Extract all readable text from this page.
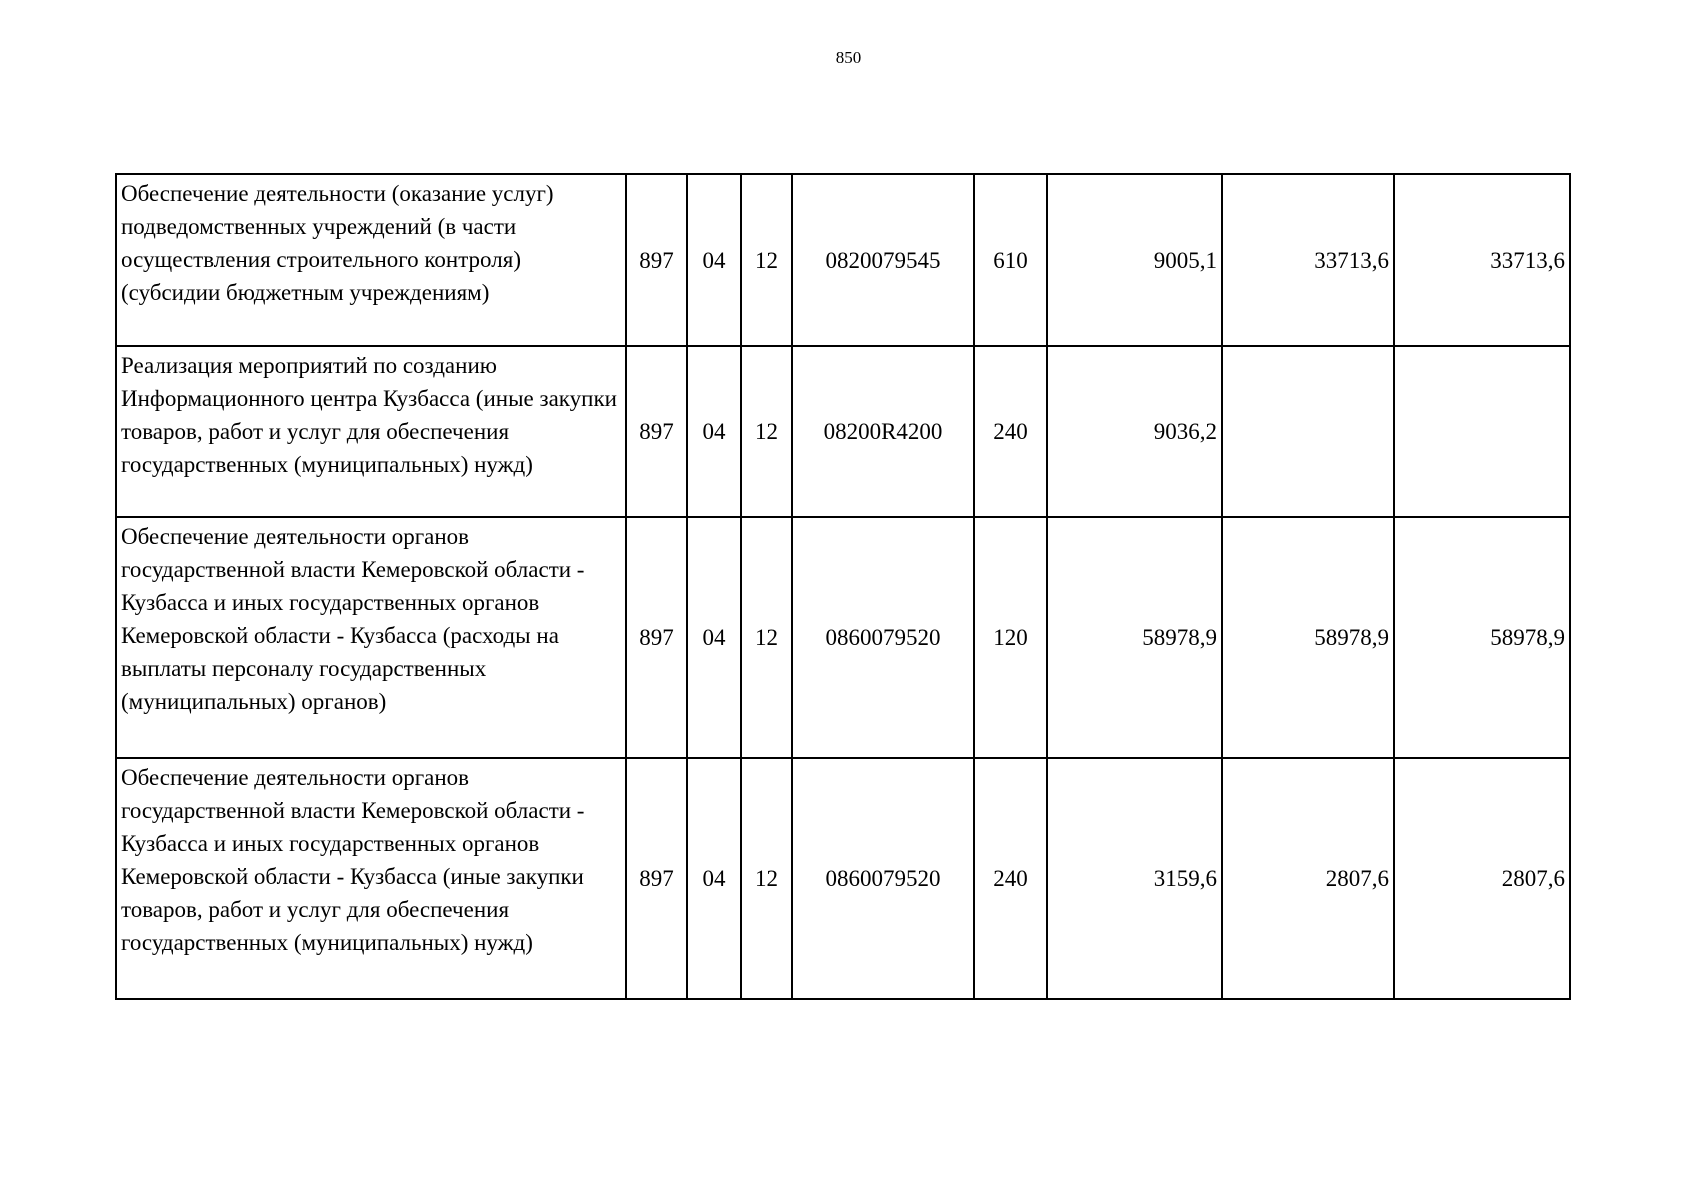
850
Обеспечение деятельности (оказание услуг) подведомственных учреждений (в части осуществления строительного контроля) (субсидии бюджетным учреждениям)	897	04	12	0820079545	610	9005,1	33713,6	33713,6
Реализация мероприятий по созданию Информационного центра Кузбасса (иные закупки товаров, работ и услуг для обеспечения государственных (муниципальных) нужд)	897	04	12	08200R4200	240	9036,2		
Обеспечение деятельности органов государственной власти Кемеровской области - Кузбасса и иных государственных органов Кемеровской области - Кузбасса (расходы на выплаты персоналу государственных (муниципальных) органов)	897	04	12	0860079520	120	58978,9	58978,9	58978,9
Обеспечение деятельности органов государственной власти Кемеровской области - Кузбасса и иных государственных органов Кемеровской области - Кузбасса (иные закупки товаров, работ и услуг для обеспечения государственных (муниципальных) нужд)	897	04	12	0860079520	240	3159,6	2807,6	2807,6
